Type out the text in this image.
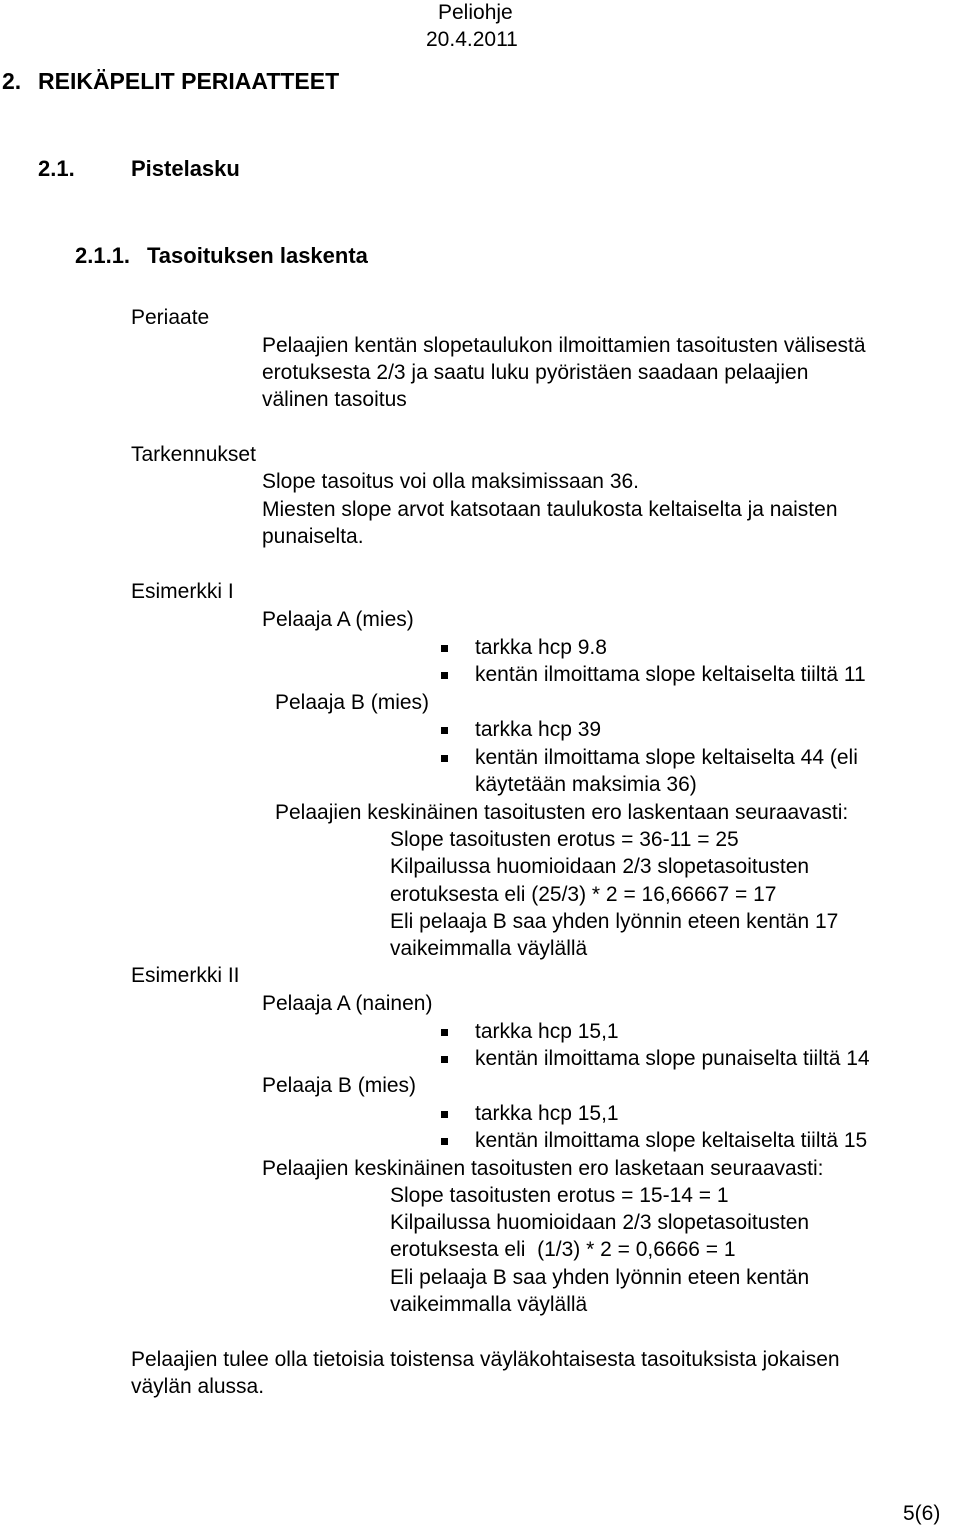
Peliohje
20.4.2011
2. REIKÄPELIT PERIAATTEET
2.1.	Pistelasku
2.1.1. Tasoituksen laskenta
Periaate
Pelaajien kentän slopetaulukon ilmoittamien tasoitusten välisestä
erotuksesta 2/3 ja saatu luku pyöristäen saadaan pelaajien
välinen tasoitus
Tarkennukset
Slope tasoitus voi olla maksimissaan 36.
Miesten slope arvot katsotaan taulukosta keltaiselta ja naisten
punaiselta.
Esimerkki I
Pelaaja A (mies)
tarkka hcp 9.8
kentän ilmoittama slope keltaiselta tiiltä 11
Pelaaja B (mies)
tarkka hcp 39
kentän ilmoittama slope keltaiselta 44 (eli
käytetään maksimia 36)
Pelaajien keskinäinen tasoitusten ero laskentaan seuraavasti:
Slope tasoitusten erotus = 36-11 = 25
Kilpailussa huomioidaan 2/3 slopetasoitusten
erotuksesta eli (25/3) * 2 = 16,66667 = 17
Eli pelaaja B saa yhden lyönnin eteen kentän 17
vaikeimmalla väylällä
Esimerkki II
Pelaaja A (nainen)
tarkka hcp 15,1
kentän ilmoittama slope punaiselta tiiltä 14
Pelaaja B (mies)
tarkka hcp 15,1
kentän ilmoittama slope keltaiselta tiiltä 15
Pelaajien keskinäinen tasoitusten ero lasketaan seuraavasti:
Slope tasoitusten erotus = 15-14 = 1
Kilpailussa huomioidaan 2/3 slopetasoitusten
erotuksesta eli  (1/3) * 2 = 0,6666 = 1
Eli pelaaja B saa yhden lyönnin eteen kentän
vaikeimmalla väylällä
Pelaajien tulee olla tietoisia toistensa väyläkohtaisesta tasoituksista jokaisen
väylän alussa.
5(6)
